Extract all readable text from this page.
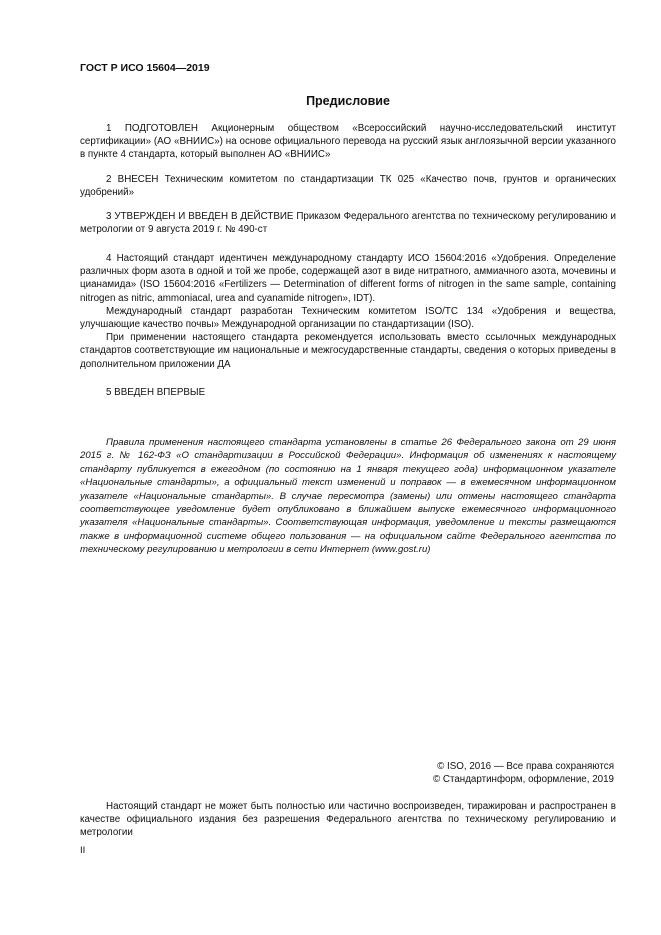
ГОСТ Р ИСО 15604—2019
Предисловие

1 ПОДГОТОВЛЕН Акционерным обществом «Всероссийский научно-исследовательский институт сертификации» (АО «ВНИИС») на основе официального перевода на русский язык англоязычной версии указанного в пункте 4 стандарта, который выполнен АО «ВНИИС»

2 ВНЕСЕН Техническим комитетом по стандартизации ТК 025 «Качество почв, грунтов и органических удобрений»

3 УТВЕРЖДЕН И ВВЕДЕН В ДЕЙСТВИЕ Приказом Федерального агентства по техническому регулированию и метрологии от 9 августа 2019 г. № 490-ст

4 Настоящий стандарт идентичен международному стандарту ИСО 15604:2016 «Удобрения. Определение различных форм азота в одной и той же пробе, содержащей азот в виде нитратного, аммиачного азота, мочевины и цианамида» (ISO 15604:2016 «Fertilizers — Determination of different forms of nitrogen in the same sample, containing nitrogen as nitric, ammoniacal, urea and cyanamide nitrogen», IDT).

Международный стандарт разработан Техническим комитетом ISO/TC 134 «Удобрения и вещества, улучшающие качество почвы» Международной организации по стандартизации (ISO).

При применении настоящего стандарта рекомендуется использовать вместо ссылочных международных стандартов соответствующие им национальные и межгосударственные стандарты, сведения о которых приведены в дополнительном приложении ДА

5 ВВЕДЕН ВПЕРВЫЕ

Правила применения настоящего стандарта установлены в статье 26 Федерального закона от 29 июня 2015 г. № 162-ФЗ «О стандартизации в Российской Федерации». Информация об изменениях к настоящему стандарту публикуется в ежегодном (по состоянию на 1 января текущего года) информационном указателе «Национальные стандарты», а официальный текст изменений и поправок — в ежемесячном информационном указателе «Национальные стандарты». В случае пересмотра (замены) или отмены настоящего стандарта соответствующее уведомление будет опубликовано в ближайшем выпуске ежемесячного информационного указателя «Национальные стандарты». Соответствующая информация, уведомление и тексты размещаются также в информационной системе общего пользования — на официальном сайте Федерального агентства по техническому регулированию и метрологии в сети Интернет (www.gost.ru)

© ISO, 2016 — Все права сохраняются
© Стандартинформ, оформление, 2019

Настоящий стандарт не может быть полностью или частично воспроизведен, тиражирован и распространен в качестве официального издания без разрешения Федерального агентства по техническому регулированию и метрологии

II
